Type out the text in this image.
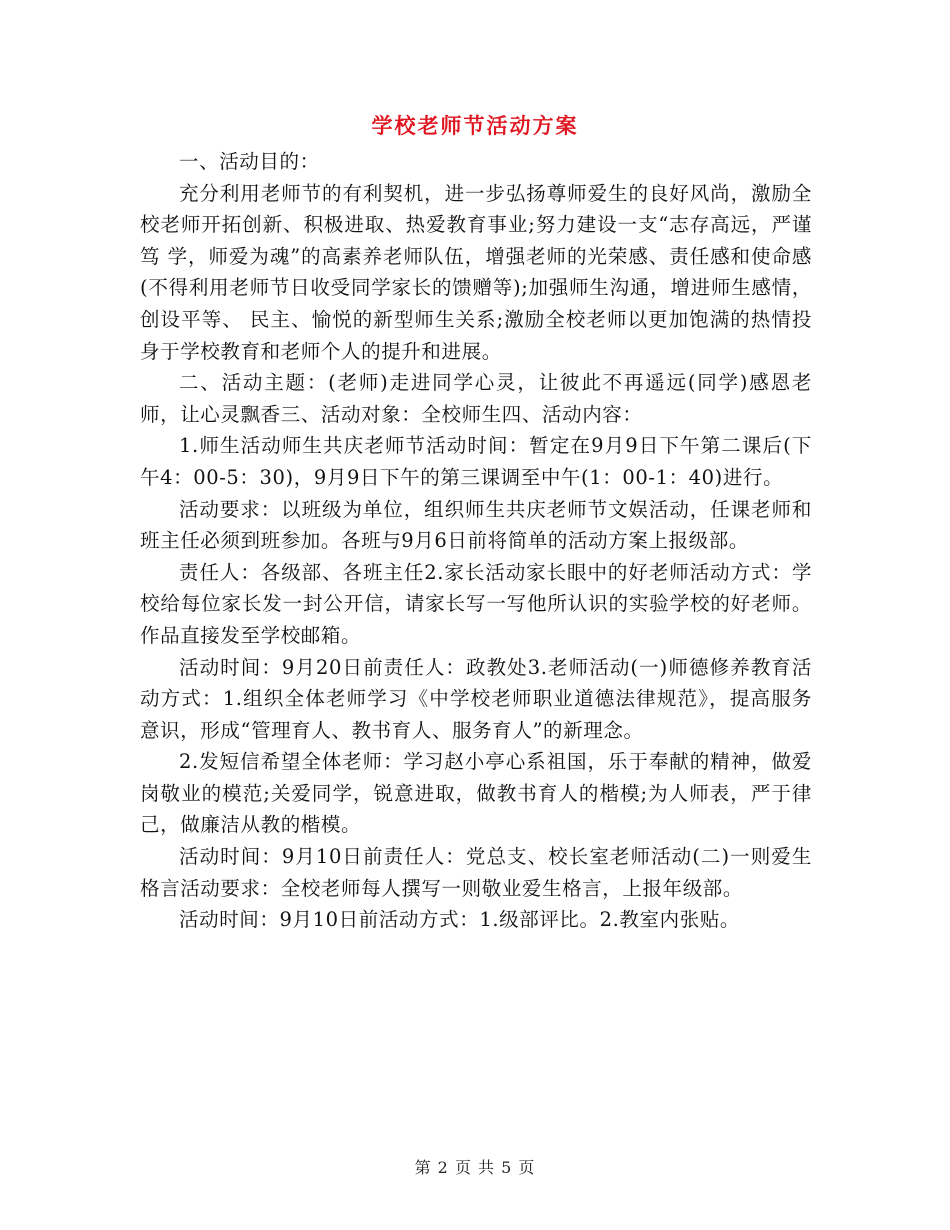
学校老师节活动方案

一、活动目的：

充分利用老师节的有利契机，进一步弘扬尊师爱生的良好风尚，激励全校老师开拓创新、积极进取、热爱教育事业;努力建设一支“志存高远，严谨笃 学，师爱为魂”的高素养老师队伍，增强老师的光荣感、责任感和使命感(不得利用老师节日收受同学家长的馈赠等);加强师生沟通，增进师生感情，创设平等、 民主、愉悦的新型师生关系;激励全校老师以更加饱满的热情投身于学校教育和老师个人的提升和进展。

二、活动主题：(老师)走进同学心灵，让彼此不再遥远(同学)感恩老师，让心灵飘香三、活动对象：全校师生四、活动内容：

1.师生活动师生共庆老师节活动时间：暂定在9月9日下午第二课后(下午4：00-5：30)，9月9日下午的第三课调至中午(1：00-1：40)进行。

活动要求：以班级为单位，组织师生共庆老师节文娱活动，任课老师和班主任必须到班参加。各班与9月6日前将简单的活动方案上报级部。

责任人：各级部、各班主任2.家长活动家长眼中的好老师活动方式：学校给每位家长发一封公开信，请家长写一写他所认识的实验学校的好老师。作品直接发至学校邮箱。

活动时间：9月20日前责任人：政教处3.老师活动(一)师德修养教育活动方式：1.组织全体老师学习《中学校老师职业道德法律规范》，提高服务意识，形成“管理育人、教书育人、服务育人”的新理念。

2.发短信希望全体老师：学习赵小亭心系祖国，乐于奉献的精神，做爱岗敬业的模范;关爱同学，锐意进取，做教书育人的楷模;为人师表，严于律己，做廉洁从教的楷模。

活动时间：9月10日前责任人：党总支、校长室老师活动(二)一则爱生格言活动要求：全校老师每人撰写一则敬业爱生格言，上报年级部。

活动时间：9月10日前活动方式：1.级部评比。2.教室内张贴。

第 2 页 共 5 页
